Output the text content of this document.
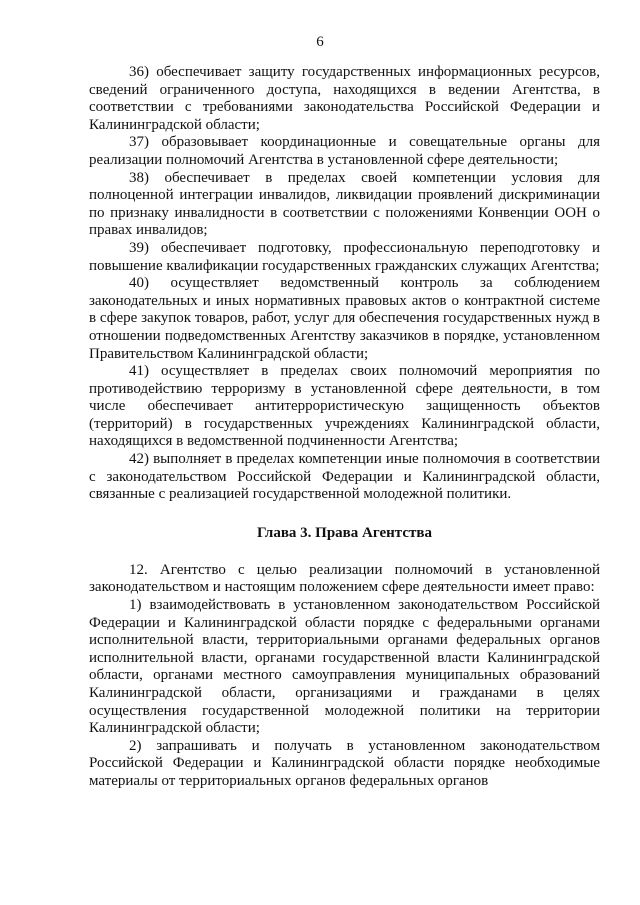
6

36) обеспечивает защиту государственных информационных ресурсов, сведений ограниченного доступа, находящихся в ведении Агентства, в соответствии с требованиями законодательства Российской Федерации и Калининградской области;

37) образовывает координационные и совещательные органы для реализации полномочий Агентства в установленной сфере деятельности;

38) обеспечивает в пределах своей компетенции условия для полноценной интеграции инвалидов, ликвидации проявлений дискриминации по признаку инвалидности в соответствии с положениями Конвенции ООН о правах инвалидов;

39) обеспечивает подготовку, профессиональную переподготовку и повышение квалификации государственных гражданских служащих Агентства;

40) осуществляет ведомственный контроль за соблюдением законодательных и иных нормативных правовых актов о контрактной системе в сфере закупок товаров, работ, услуг для обеспечения государственных нужд в отношении подведомственных Агентству заказчиков в порядке, установленном Правительством Калининградской области;

41) осуществляет в пределах своих полномочий мероприятия по противодействию терроризму в установленной сфере деятельности, в том числе обеспечивает антитеррористическую защищенность объектов (территорий) в государственных учреждениях Калининградской области, находящихся в ведомственной подчиненности Агентства;

42) выполняет в пределах компетенции иные полномочия в соответствии с законодательством Российской Федерации и Калининградской области, связанные с реализацией государственной молодежной политики.

Глава 3. Права Агентства

12. Агентство с целью реализации полномочий в установленной законодательством и настоящим положением сфере деятельности имеет право:

1) взаимодействовать в установленном законодательством Российской Федерации и Калининградской области порядке с федеральными органами исполнительной власти, территориальными органами федеральных органов исполнительной власти, органами государственной власти Калининградской области, органами местного самоуправления муниципальных образований Калининградской области, организациями и гражданами в целях осуществления государственной молодежной политики на территории Калининградской области;

2) запрашивать и получать в установленном законодательством Российской Федерации и Калининградской области порядке необходимые материалы от территориальных органов федеральных органов
